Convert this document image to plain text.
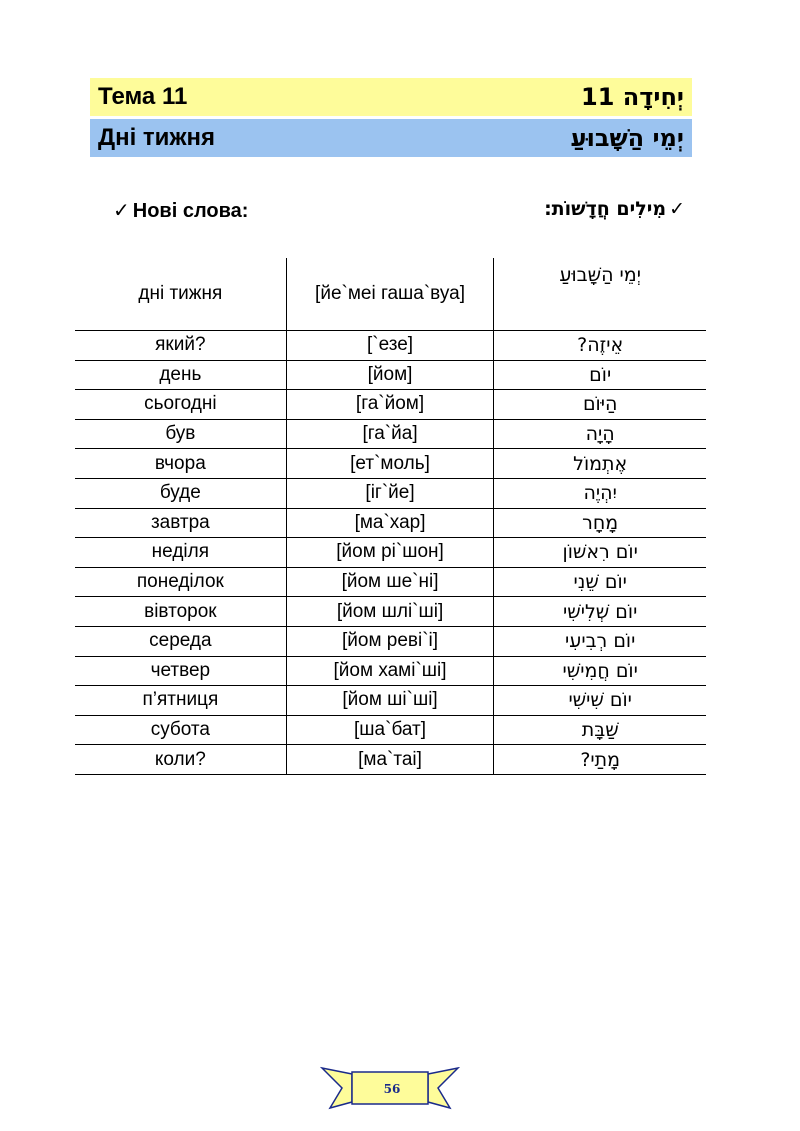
Тема 11	יְחִידָה 11
Дні тижня	יְמֵי הַשָּׁבוּעַ
✓ Нові слова:	✓מִילִים חֲדָשׁוֹת:
дні тижня	[йе`меі гаша`вуа]	יְמֵי הַשָּׁבוּעַ
який?	[`езе]	אֵיזֶה?
день	[йом]	יוֹם
сьогодні	[га`йом]	הַיּוֹם
був	[га`йа]	הָיָה
вчора	[ет`моль]	אֶתְמוֹל
буде	[іг`йе]	יִהְיֶה
завтра	[ма`хар]	מָחָר
неділя	[йом рі`шон]	יוֹם רִאשׁוֹן
понеділок	[йом ше`ні]	יוֹם שֵׁנִי
вівторок	[йом шлі`ші]	יוֹם שְׁלִישִׁי
середа	[йом реві`і]	יוֹם רְבִיעִי
четвер	[йом хамі`ші]	יוֹם חֲמִישִׁי
п’ятниця	[йом ші`ші]	יוֹם שִׁישִׁי
субота	[ша`бат]	שַׁבָּת
коли?	[ма`таі]	מָתַי?
56
